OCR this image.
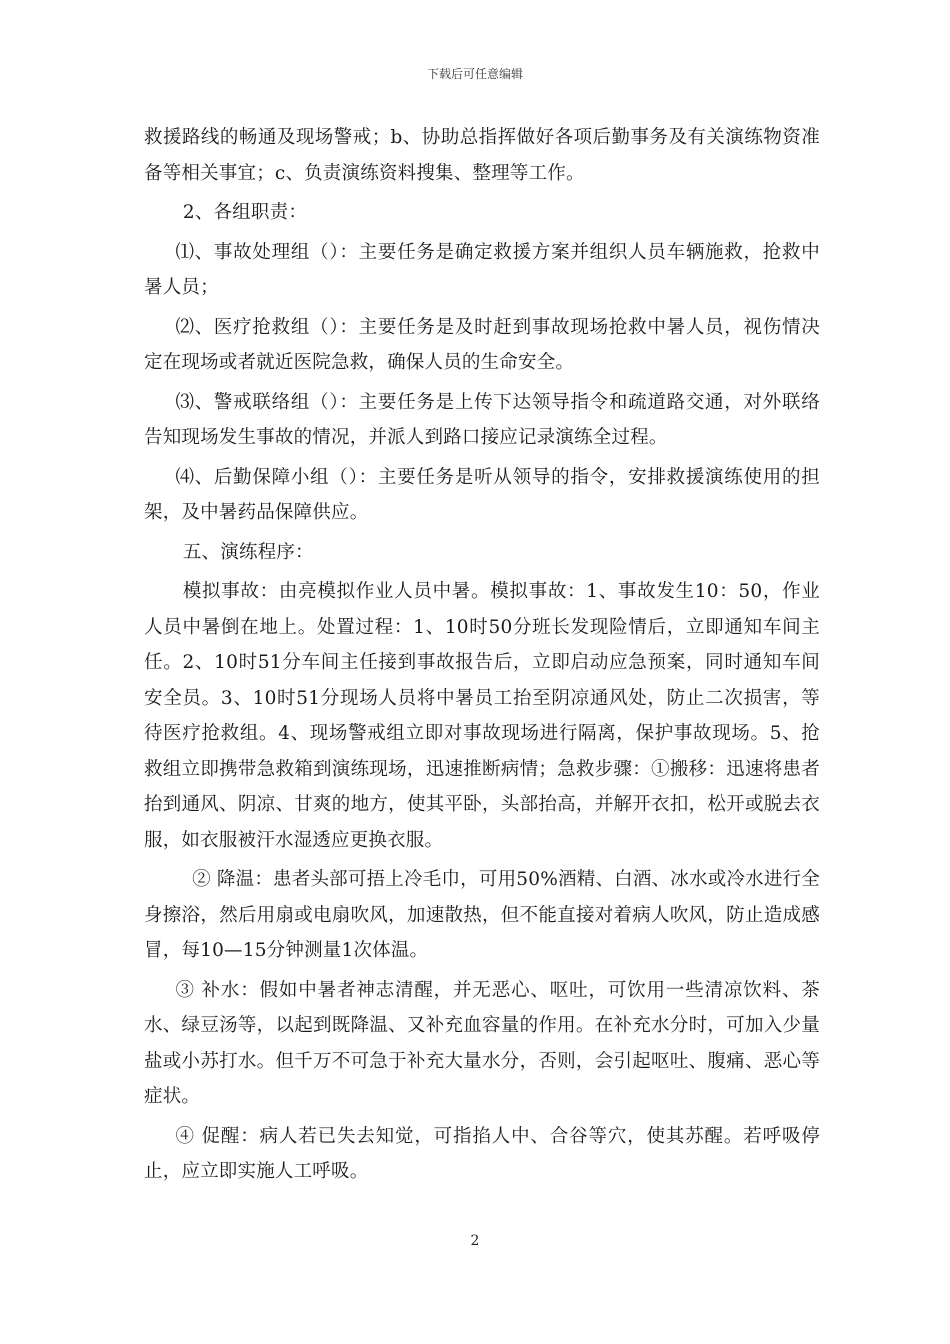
下载后可任意编辑

救援路线的畅通及现场警戒；b、协助总指挥做好各项后勤事务及有关演练物资准备等相关事宜；c、负责演练资料搜集、整理等工作。

2、各组职责：

⑴、事故处理组（）：主要任务是确定救援方案并组织人员车辆施救，抢救中暑人员；

⑵、医疗抢救组（）：主要任务是及时赶到事故现场抢救中暑人员，视伤情决定在现场或者就近医院急救，确保人员的生命安全。

⑶、警戒联络组（）：主要任务是上传下达领导指令和疏道路交通，对外联络告知现场发生事故的情况，并派人到路口接应记录演练全过程。

⑷、后勤保障小组（）：主要任务是听从领导的指令，安排救援演练使用的担架，及中暑药品保障供应。

五、演练程序：

模拟事故：由亮模拟作业人员中暑。模拟事故：1、事故发生10：50，作业人员中暑倒在地上。处置过程：1、10时50分班长发现险情后，立即通知车间主任。2、10时51分车间主任接到事故报告后，立即启动应急预案，同时通知车间安全员。3、10时51分现场人员将中暑员工抬至阴凉通风处，防止二次损害，等待医疗抢救组。4、现场警戒组立即对事故现场进行隔离，保护事故现场。5、抢救组立即携带急救箱到演练现场，迅速推断病情；急救步骤：①搬移：迅速将患者抬到通风、阴凉、甘爽的地方，使其平卧，头部抬高，并解开衣扣，松开或脱去衣服，如衣服被汗水湿透应更换衣服。

② 降温：患者头部可捂上冷毛巾，可用50%酒精、白酒、冰水或冷水进行全身擦浴，然后用扇或电扇吹风，加速散热，但不能直接对着病人吹风，防止造成感冒，每10—15分钟测量1次体温。

③ 补水：假如中暑者神志清醒，并无恶心、呕吐，可饮用一些清凉饮料、茶水、绿豆汤等，以起到既降温、又补充血容量的作用。在补充水分时，可加入少量盐或小苏打水。但千万不可急于补充大量水分，否则，会引起呕吐、腹痛、恶心等症状。

④ 促醒：病人若已失去知觉，可指掐人中、合谷等穴，使其苏醒。若呼吸停止，应立即实施人工呼吸。

2
